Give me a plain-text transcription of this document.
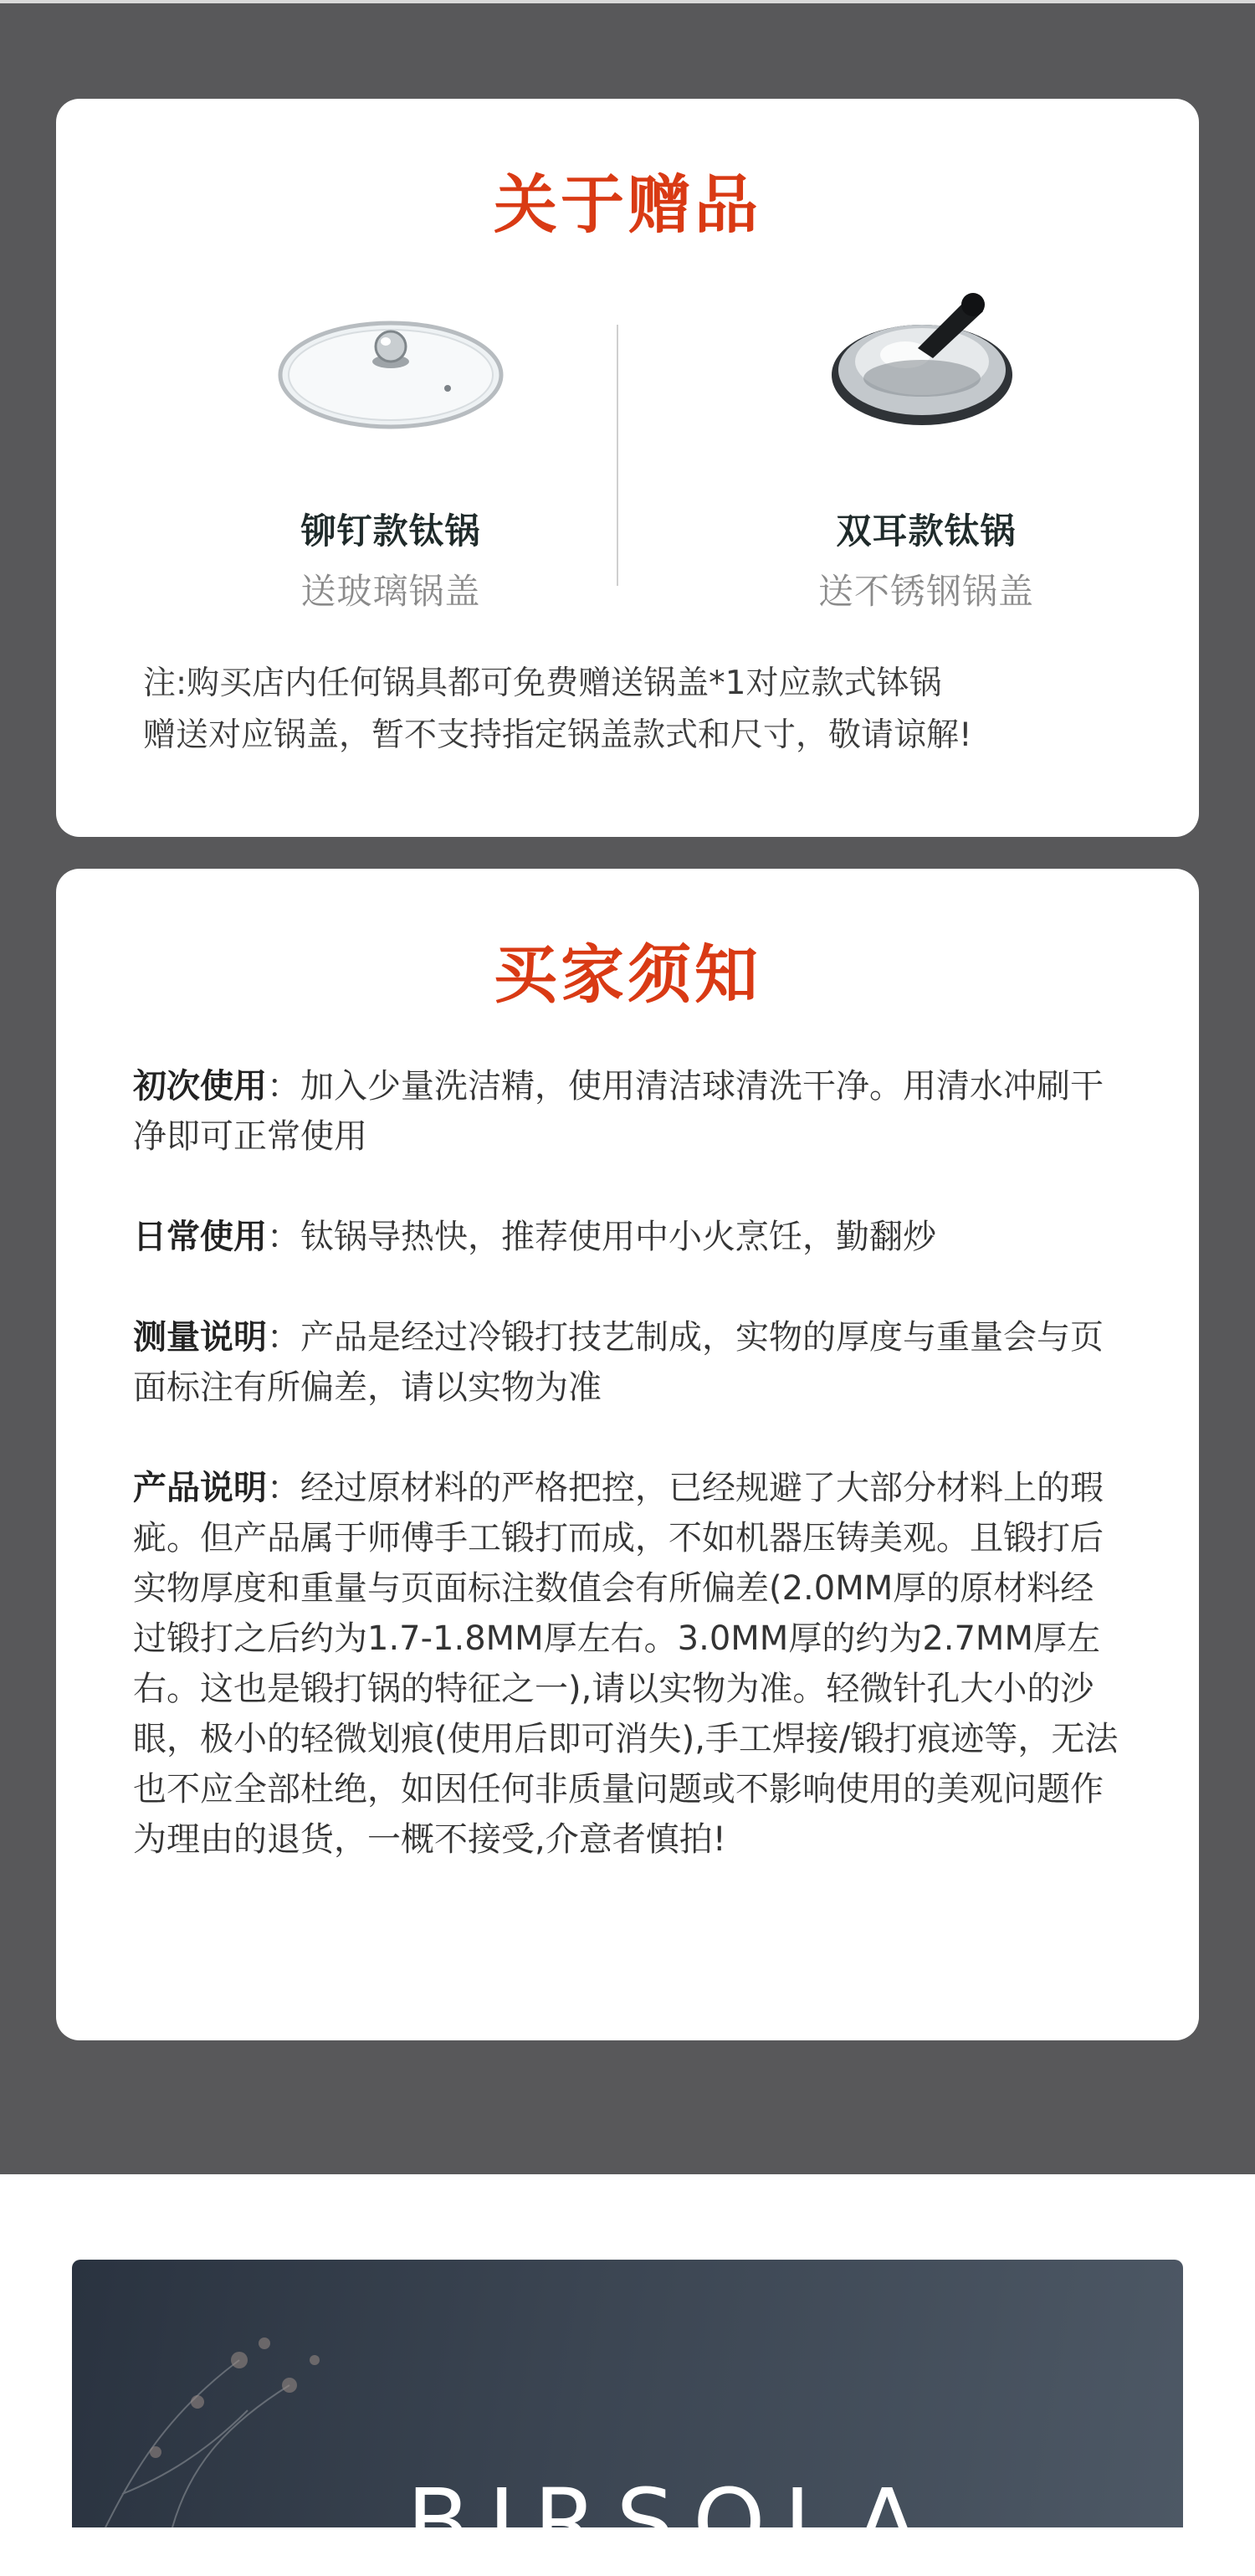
关于赠品
铆钉款钛锅
送玻璃锅盖
双耳款钛锅
送不锈钢锅盖
注:购买店内任何锅具都可免费赠送锅盖*1对应款式钵锅
赠送对应锅盖，暂不支持指定锅盖款式和尺寸，敬请谅解!
买家须知

初次使用：加入少量洗洁精，使用清洁球清洗干净。用清水冲刷干净即可正常使用

日常使用：钛锅导热快，推荐使用中小火烹饪，勤翻炒

测量说明：产品是经过冷锻打技艺制成，实物的厚度与重量会与页面标注有所偏差，请以实物为准

产品说明：经过原材料的严格把控，已经规避了大部分材料上的瑕疵。但产品属于师傅手工锻打而成，不如机器压铸美观。且锻打后实物厚度和重量与页面标注数值会有所偏差(2.0MM厚的原材料经过锻打之后约为1.7-1.8MM厚左右。3.0MM厚的约为2.7MM厚左右。这也是锻打锅的特征之一),请以实物为准。轻微针孔大小的沙眼，极小的轻微划痕(使用后即可消失),手工焊接/锻打痕迹等，无法也不应全部杜绝，如因任何非质量问题或不影响使用的美观问题作为理由的退货，一概不接受,介意者慎拍!

BIRSOLA
